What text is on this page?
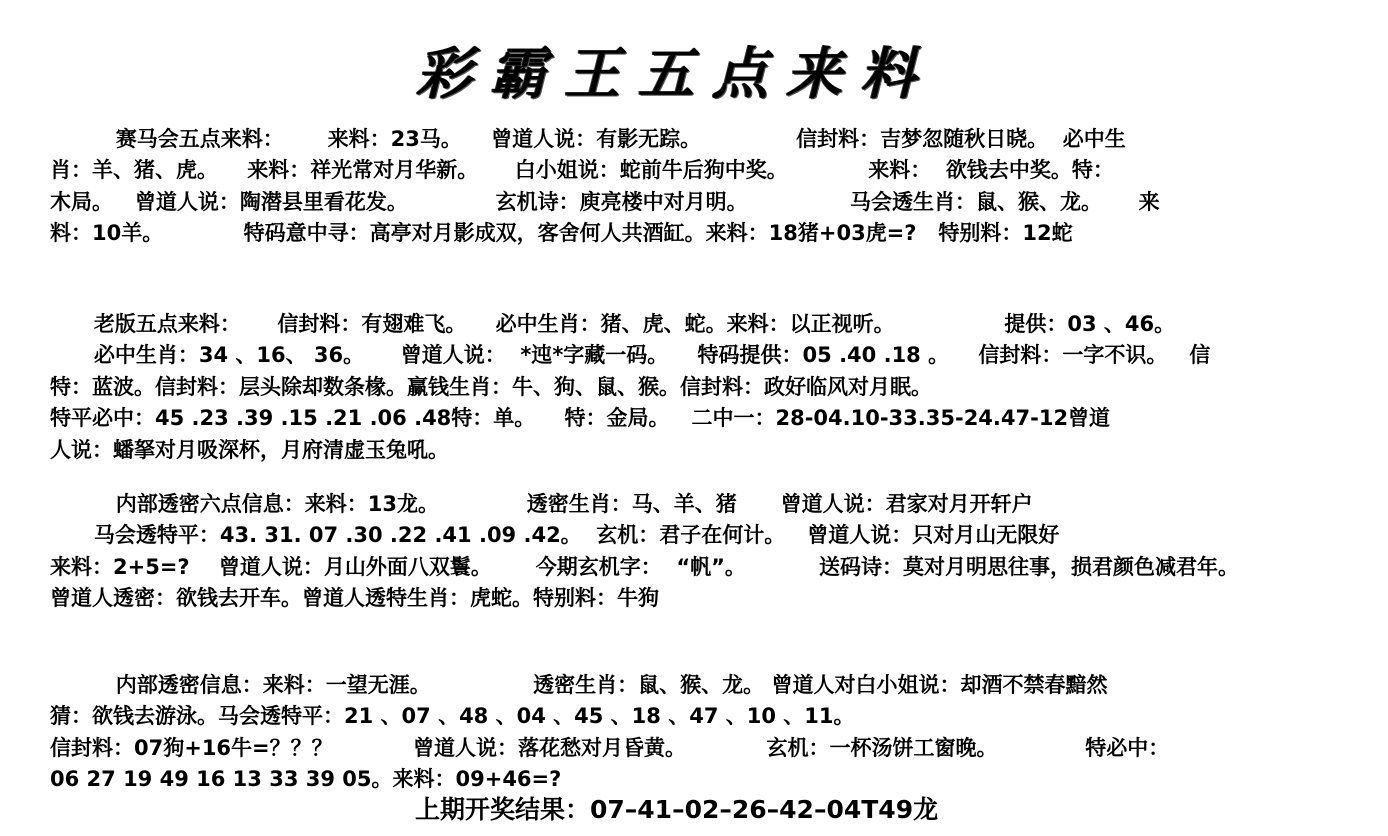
彩霸王五点来料
赛马会五点来料：      来料：23马。    曾道人说：有影无踪。             信封料：吉梦忽随秋日晓。  必中生
肖：羊、猪、虎。    来料：祥光常对月华新。     白小姐说：蛇前牛后狗中奖。           来料：  欲钱去中奖。特：
木局。   曾道人说：陶潜县里看花发。            玄机诗：庾亮楼中对月明。              马会透生肖：鼠、猴、龙。     来
料：10羊。           特码意中寻：高亭对月影成双，客舍何人共酒缸。来料：18猪+03虎=?   特别料：12蛇
老版五点来料：     信封料：有翅难飞。    必中生肖：猪、虎、蛇。来料：以正视听。               提供：03 、46。
必中生肖：34 、16、 36。     曾道人说：  *迍*字藏一码。    特码提供：05 .40 .18 。    信封料：一字不识。   信
特：蓝波。信封料：层头除却数条椽。赢钱生肖：牛、狗、鼠、猴。信封料：政好临风对月眠。
特平必中：45 .23 .39 .15 .21 .06 .48特：单。    特：金局。   二中一：28-04.10-33.35-24.47-12曾道
人说：蟠拏对月吸深杯，月府清虚玉兔吼。
内部透密六点信息：来料：13龙。            透密生肖：马、羊、猪      曾道人说：君家对月开轩户
马会透特平：43. 31. 07 .30 .22 .41 .09 .42。  玄机：君子在何计。   曾道人说：只对月山无限好
来料：2+5=?    曾道人说：月山外面八双鬟。      今期玄机字：  “帆”。          送码诗：莫对月明思往事，损君颜色减君年。
曾道人透密：欲钱去开车。曾道人透特生肖：虎蛇。特别料：牛狗
内部透密信息：来料：一望无涯。              透密生肖：鼠、猴、龙。 曾道人对白小姐说：却酒不禁春黯然
猜：欲钱去游泳。马会透特平：21 、07 、48 、04 、45 、18 、47 、10 、11。
信封料：07狗+16牛=？？？           曾道人说：落花愁对月昏黄。           玄机：一杯汤饼工窗晚。            特必中：
06 27 19 49 16 13 33 39 05。来料：09+46=?
上期开奖结果：07–41–02–26–42–04T49龙
